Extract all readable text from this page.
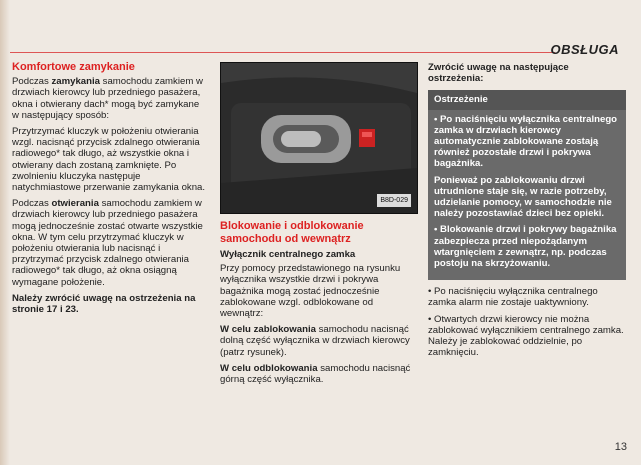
OBSŁUGA
Komfortowe zamykanie

Podczas zamykania samochodu zamkiem w drzwiach kierowcy lub przedniego pasażera, okna i otwierany dach* mogą być zamykane w następujący sposób:

Przytrzymać kluczyk w położeniu otwierania wzgl. nacisnąć przycisk zdalnego otwierania radiowego* tak długo, aż wszystkie okna i otwierany dach zostaną zamknięte. Po zwolnieniu kluczyka następuje natychmiastowe przerwanie zamykania okna.

Podczas otwierania samochodu zamkiem w drzwiach kierowcy lub przedniego pasażera mogą jednocześnie zostać otwarte wszystkie okna. W tym celu przytrzymać kluczyk w położeniu otwierania lub nacisnąć i przytrzymać przycisk zdalnego otwierania radiowego* tak długo, aż okna osiągną wymagane położenie.

Należy zwrócić uwagę na ostrzeżenia na stronie 17 i 23.

B8D-029
Blokowanie i odblokowanie samochodu od wewnątrz
Wyłącznik centralnego zamka

Przy pomocy przedstawionego na rysunku wyłącznika wszystkie drzwi i pokrywa bagażnika mogą zostać jednocześnie zablokowane wzgl. odblokowane od wewnątrz:

W celu zablokowania samochodu nacisnąć dolną część wyłącznika w drzwiach kierowcy (patrz rysunek).

W celu odblokowania samochodu nacisnąć górną część wyłącznika.

Zwrócić uwagę na następujące ostrzeżenia:
Ostrzeżenie

• Po naciśnięciu wyłącznika centralnego zamka w drzwiach kierowcy automatycznie zablokowane zostają również pozostałe drzwi i pokrywa bagażnika.

Ponieważ po zablokowaniu drzwi utrudnione staje się, w razie potrzeby, udzielanie pomocy, w samochodzie nie należy pozostawiać dzieci bez opieki.

• Blokowanie drzwi i pokrywy bagażnika zabezpiecza przed niepożądanym wtargnięciem z zewnątrz, np. podczas postoju na skrzyżowaniu.

• Po naciśnięciu wyłącznika centralnego zamka alarm nie zostaje uaktywniony.

• Otwartych drzwi kierowcy nie można zablokować wyłącznikiem centralnego zamka. Należy je zablokować oddzielnie, po zamknięciu.

13
